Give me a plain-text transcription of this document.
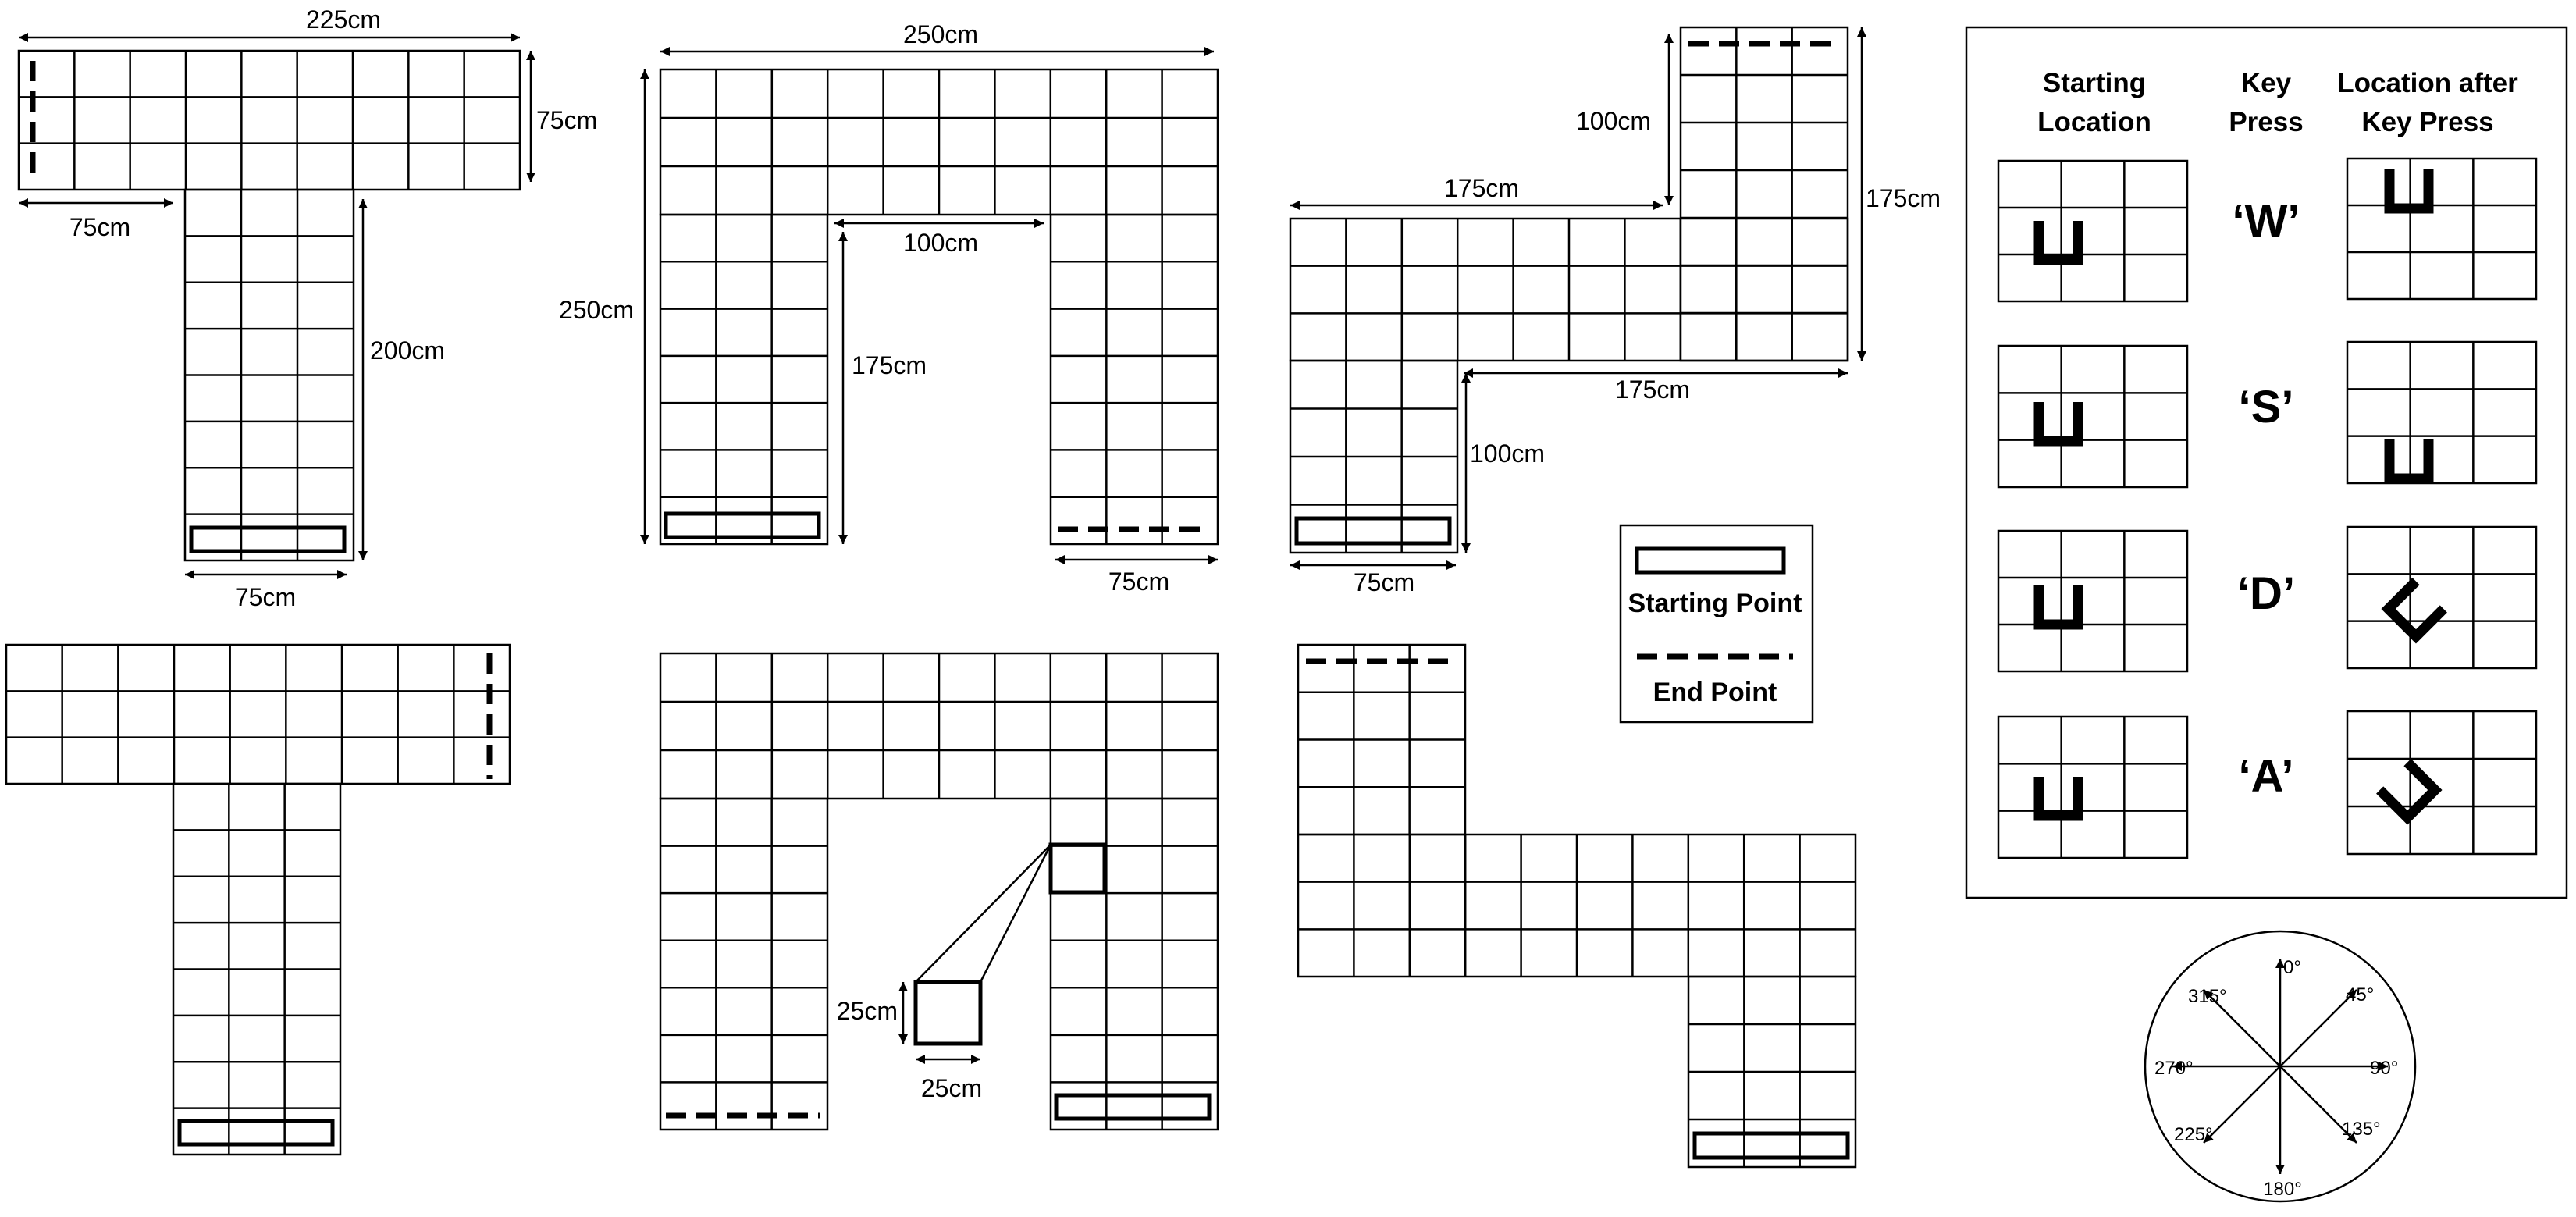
225cm
75cm
75cm
200cm
75cm
250cm
250cm
100cm
175cm
75cm
100cm
175cm	175cm
175cm
100cm
75cm
25cm
25cm
Starting Point
End Point
Starting
Location
Key
Press
Location after
Key Press
‘W’
‘S’
‘D’
‘A’
0°
45°
90°
135°
180°
225°
270°
315°
